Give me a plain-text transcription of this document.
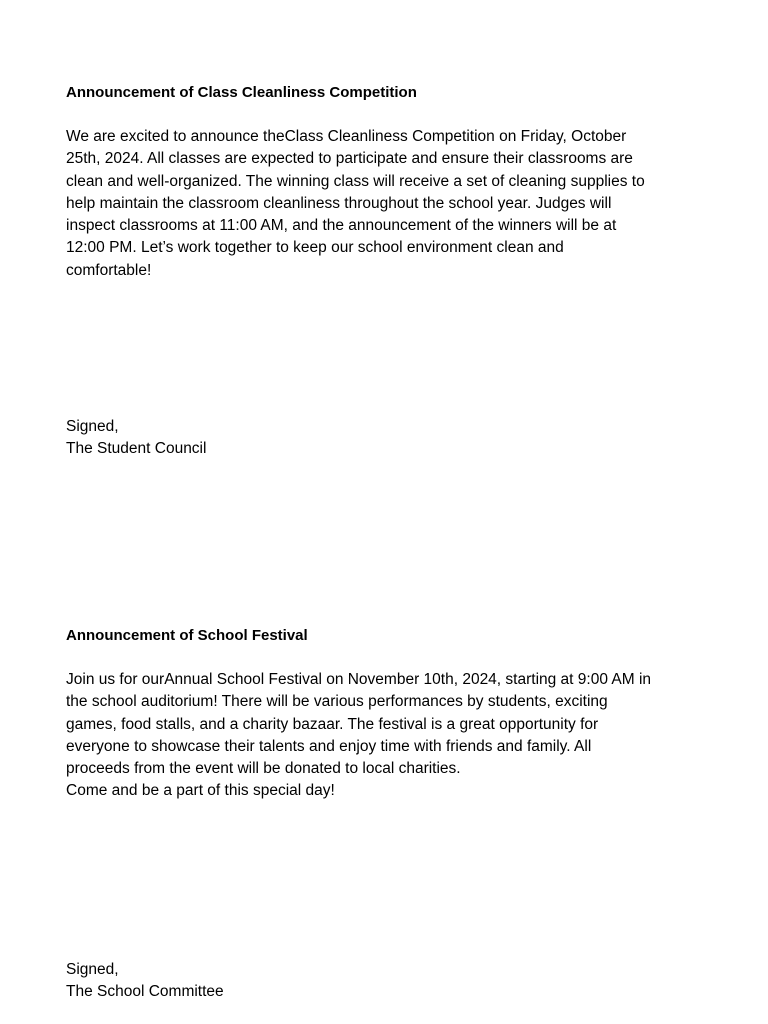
Announcement of Class Cleanliness Competition
We are excited to announce theClass Cleanliness Competition on Friday, October
25th, 2024. All classes are expected to participate and ensure their classrooms are
clean and well-organized. The winning class will receive a set of cleaning supplies to
help maintain the classroom cleanliness throughout the school year. Judges will
inspect classrooms at 11:00 AM, and the announcement of the winners will be at
12:00 PM. Let’s work together to keep our school environment clean and
comfortable!
Signed,
The Student Council
Announcement of School Festival
Join us for ourAnnual School Festival on November 10th, 2024, starting at 9:00 AM in
the school auditorium! There will be various performances by students, exciting
games, food stalls, and a charity bazaar. The festival is a great opportunity for
everyone to showcase their talents and enjoy time with friends and family. All
proceeds from the event will be donated to local charities.
Come and be a part of this special day!
Signed,
The School Committee
